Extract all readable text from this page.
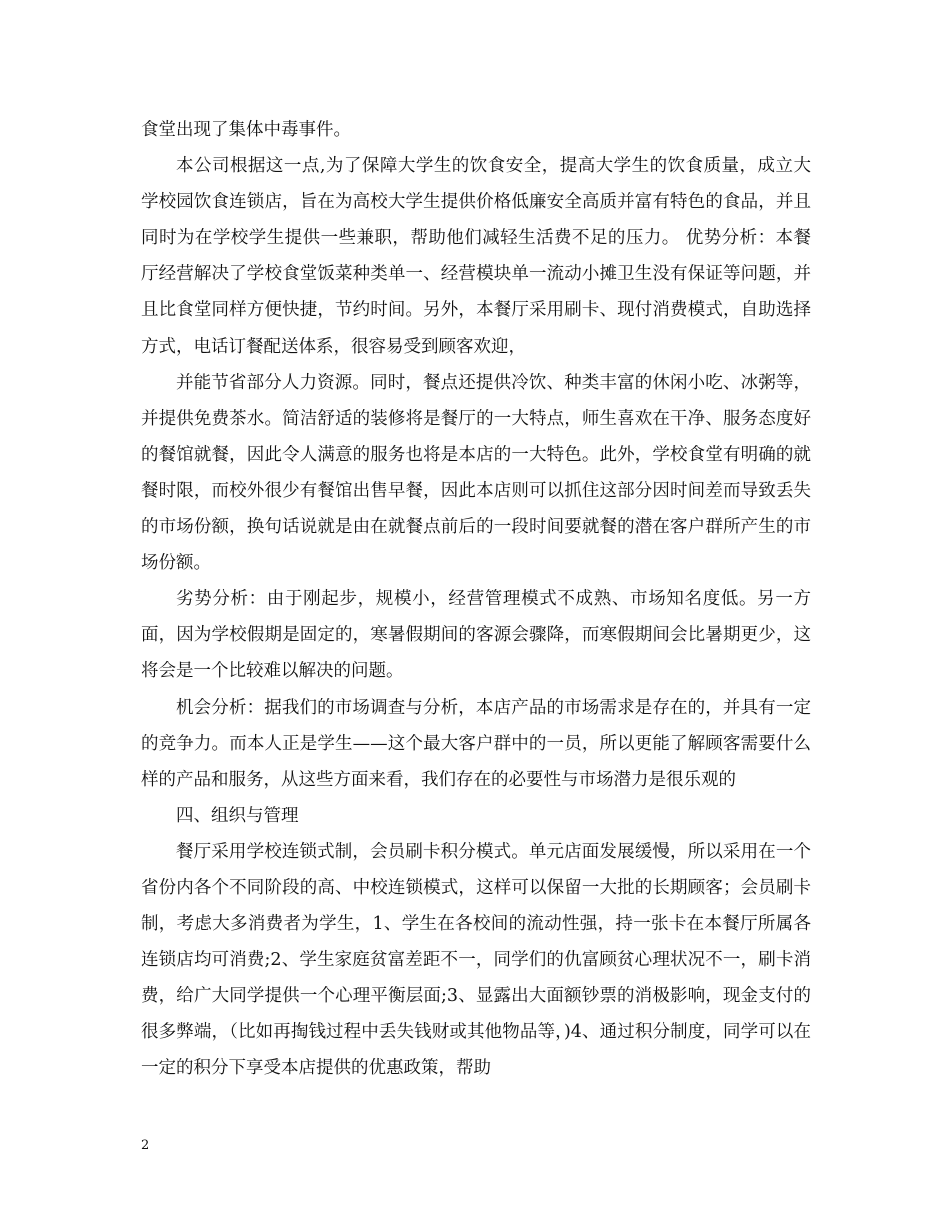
食堂出现了集体中毒事件。

本公司根据这一点,为了保障大学生的饮食安全，提高大学生的饮食质量，成立大学校园饮食连锁店，旨在为高校大学生提供价格低廉安全高质并富有特色的食品，并且同时为在学校学生提供一些兼职，帮助他们减轻生活费不足的压力。 优势分析：本餐厅经营解决了学校食堂饭菜种类单一、经营模块单一流动小摊卫生没有保证等问题，并且比食堂同样方便快捷，节约时间。另外，本餐厅采用刷卡、现付消费模式，自助选择方式，电话订餐配送体系，很容易受到顾客欢迎，

并能节省部分人力资源。同时，餐点还提供冷饮、种类丰富的休闲小吃、冰粥等，并提供免费茶水。简洁舒适的装修将是餐厅的一大特点，师生喜欢在干净、服务态度好的餐馆就餐，因此令人满意的服务也将是本店的一大特色。此外，学校食堂有明确的就餐时限，而校外很少有餐馆出售早餐，因此本店则可以抓住这部分因时间差而导致丢失的市场份额，换句话说就是由在就餐点前后的一段时间要就餐的潜在客户群所产生的市场份额。

劣势分析：由于刚起步，规模小，经营管理模式不成熟、市场知名度低。另一方面，因为学校假期是固定的，寒暑假期间的客源会骤降，而寒假期间会比暑期更少，这将会是一个比较难以解决的问题。

机会分析：据我们的市场调查与分析，本店产品的市场需求是存在的，并具有一定的竞争力。而本人正是学生——这个最大客户群中的一员，所以更能了解顾客需要什么样的产品和服务，从这些方面来看，我们存在的必要性与市场潜力是很乐观的

四、组织与管理

餐厅采用学校连锁式制，会员刷卡积分模式。单元店面发展缓慢，所以采用在一个省份内各个不同阶段的高、中校连锁模式，这样可以保留一大批的长期顾客；会员刷卡制，考虑大多消费者为学生，1、学生在各校间的流动性强，持一张卡在本餐厅所属各连锁店均可消费;2、学生家庭贫富差距不一，同学们的仇富顾贫心理状况不一，刷卡消费，给广大同学提供一个心理平衡层面;3、显露出大面额钞票的消极影响，现金支付的很多弊端，（比如再掏钱过程中丢失钱财或其他物品等，)4、通过积分制度，同学可以在一定的积分下享受本店提供的优惠政策，帮助

2
